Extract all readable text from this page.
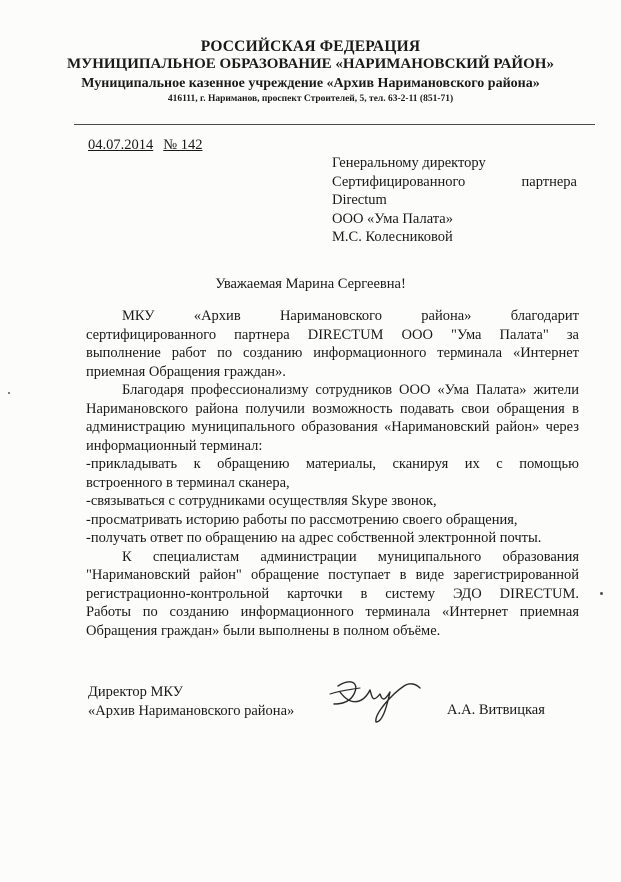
РОССИЙСКАЯ ФЕДЕРАЦИЯ
МУНИЦИПАЛЬНОЕ ОБРАЗОВАНИЕ «НАРИМАНОВСКИЙ РАЙОН»
Муниципальное казенное учреждение «Архив Наримановского района»
416111, г. Нариманов, проспект Строителей, 5, тел. 63-2-11 (851-71)
04.07.2014 № 142
Генеральному директору
Сертифицированного партнера
Directum
ООО «Ума Палата»
М.С. Колесниковой
Уважаемая Марина Сергеевна!

МКУ «Архив Наримановского района» благодарит

сертифицированного партнера DIRECTUM ООО "Ума Палата" за

выполнение работ по созданию информационного терминала «Интернет

приемная Обращения граждан».

Благодаря профессионализму сотрудников ООО «Ума Палата» жители

Наримановского района получили возможность подавать свои обращения в

администрацию муниципального образования «Наримановский район» через

информационный терминал:

-прикладывать к обращению материалы, сканируя их с помощью

встроенного в терминал сканера,

-связываться с сотрудниками осуществляя Skype звонок,

-просматривать историю работы по рассмотрению своего обращения,

-получать ответ по обращению на адрес собственной электронной почты.

К специалистам администрации муниципального образования

"Наримановский район" обращение поступает в виде зарегистрированной

регистрационно-контрольной карточки в систему ЭДО DIRECTUM.

Работы по созданию информационного терминала «Интернет приемная

Обращения граждан» были выполнены в полном объёме.

Директор МКУ
«Архив Наримановского района»	А.А. Витвицкая
